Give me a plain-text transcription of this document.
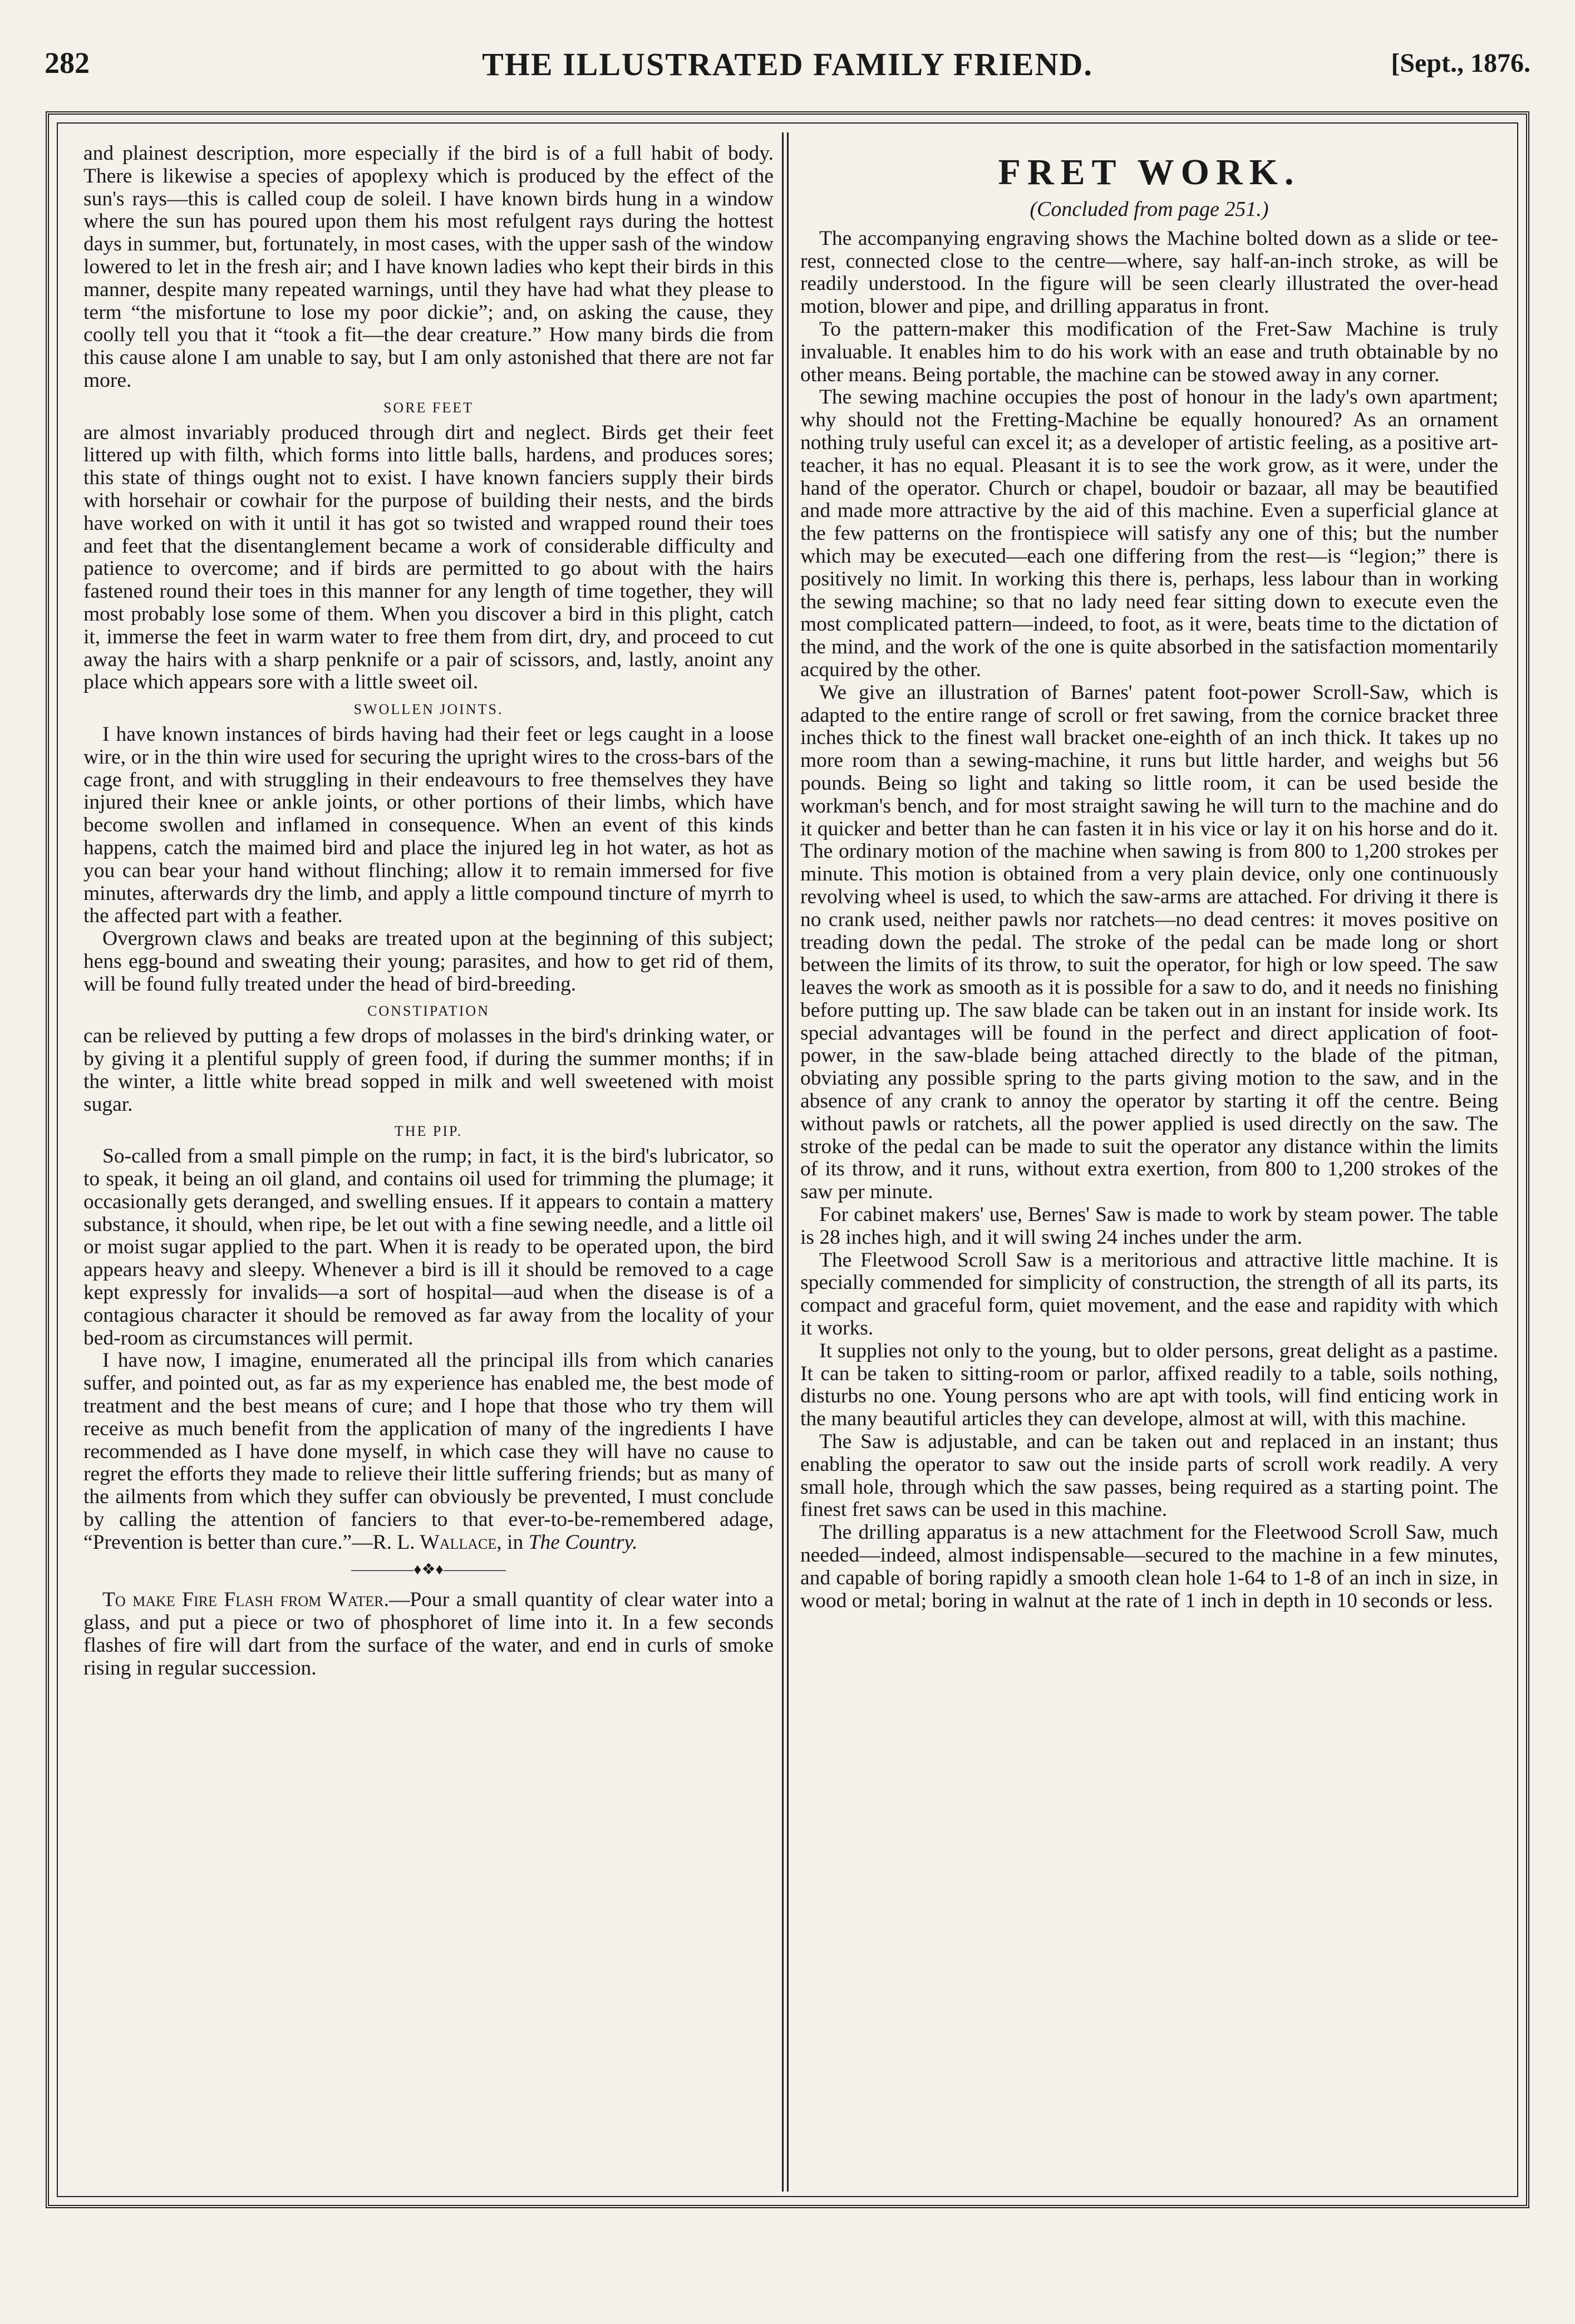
282	THE ILLUSTRATED FAMILY FRIEND.	[Sept., 1876.

and plainest description, more especially if the bird is of a full habit of body. There is likewise a species of apoplexy which is produced by the effect of the sun's rays—this is called coup de soleil. I have known birds hung in a window where the sun has poured upon them his most refulgent rays during the hottest days in summer, but, fortunately, in most cases, with the upper sash of the window lowered to let in the fresh air; and I have known ladies who kept their birds in this manner, despite many repeated warnings, until they have had what they please to term “the misfortune to lose my poor dickie”; and, on asking the cause, they coolly tell you that it “took a fit—the dear creature.” How many birds die from this cause alone I am unable to say, but I am only astonished that there are not far more.

SORE FEET

are almost invariably produced through dirt and neglect. Birds get their feet littered up with filth, which forms into little balls, hardens, and produces sores; this state of things ought not to exist. I have known fanciers supply their birds with horsehair or cowhair for the purpose of building their nests, and the birds have worked on with it until it has got so twisted and wrapped round their toes and feet that the disentanglement became a work of considerable difficulty and patience to overcome; and if birds are permitted to go about with the hairs fastened round their toes in this manner for any length of time together, they will most probably lose some of them. When you discover a bird in this plight, catch it, immerse the feet in warm water to free them from dirt, dry, and proceed to cut away the hairs with a sharp penknife or a pair of scissors, and, lastly, anoint any place which appears sore with a little sweet oil.

SWOLLEN JOINTS.

I have known instances of birds having had their feet or legs caught in a loose wire, or in the thin wire used for securing the upright wires to the cross-bars of the cage front, and with struggling in their endeavours to free themselves they have injured their knee or ankle joints, or other portions of their limbs, which have become swollen and inflamed in consequence. When an event of this kinds happens, catch the maimed bird and place the injured leg in hot water, as hot as you can bear your hand without flinching; allow it to remain immersed for five minutes, afterwards dry the limb, and apply a little compound tincture of myrrh to the affected part with a feather.

Overgrown claws and beaks are treated upon at the beginning of this subject; hens egg-bound and sweating their young; parasites, and how to get rid of them, will be found fully treated under the head of bird-breeding.

CONSTIPATION

can be relieved by putting a few drops of molasses in the bird's drinking water, or by giving it a plentiful supply of green food, if during the summer months; if in the winter, a little white bread sopped in milk and well sweetened with moist sugar.

THE PIP.

So-called from a small pimple on the rump; in fact, it is the bird's lubricator, so to speak, it being an oil gland, and contains oil used for trimming the plumage; it occasionally gets deranged, and swelling ensues. If it appears to contain a mattery substance, it should, when ripe, be let out with a fine sewing needle, and a little oil or moist sugar applied to the part. When it is ready to be operated upon, the bird appears heavy and sleepy. Whenever a bird is ill it should be removed to a cage kept expressly for invalids—a sort of hospital—aud when the disease is of a contagious character it should be removed as far away from the locality of your bed-room as circumstances will permit.

I have now, I imagine, enumerated all the principal ills from which canaries suffer, and pointed out, as far as my experience has enabled me, the best mode of treatment and the best means of cure; and I hope that those who try them will receive as much benefit from the application of many of the ingredients I have recommended as I have done myself, in which case they will have no cause to regret the efforts they made to relieve their little suffering friends; but as many of the ailments from which they suffer can obviously be prevented, I must conclude by calling the attention of fanciers to that ever-to-be-remembered adage, “Prevention is better than cure.”—R. L. Wallace, in The Country.

————♦❖♦————

To make Fire Flash from Water.—Pour a small quantity of clear water into a glass, and put a piece or two of phosphoret of lime into it. In a few seconds flashes of fire will dart from the surface of the water, and end in curls of smoke rising in regular succession.

FRET WORK.
(Concluded from page 251.)

The accompanying engraving shows the Machine bolted down as a slide or tee-rest, connected close to the centre—where, say half-an-inch stroke, as will be readily understood. In the figure will be seen clearly illustrated the over-head motion, blower and pipe, and drilling apparatus in front.

To the pattern-maker this modification of the Fret-Saw Machine is truly invaluable. It enables him to do his work with an ease and truth obtainable by no other means. Being portable, the machine can be stowed away in any corner.

The sewing machine occupies the post of honour in the lady's own apartment; why should not the Fretting-Machine be equally honoured? As an ornament nothing truly useful can excel it; as a developer of artistic feeling, as a positive art-teacher, it has no equal. Pleasant it is to see the work grow, as it were, under the hand of the operator. Church or chapel, boudoir or bazaar, all may be beautified and made more attractive by the aid of this machine. Even a superficial glance at the few patterns on the frontispiece will satisfy any one of this; but the number which may be executed—each one differing from the rest—is “legion;” there is positively no limit. In working this there is, perhaps, less labour than in working the sewing machine; so that no lady need fear sitting down to execute even the most complicated pattern—indeed, to foot, as it were, beats time to the dictation of the mind, and the work of the one is quite absorbed in the satisfaction momentarily acquired by the other.

We give an illustration of Barnes' patent foot-power Scroll-Saw, which is adapted to the entire range of scroll or fret sawing, from the cornice bracket three inches thick to the finest wall bracket one-eighth of an inch thick. It takes up no more room than a sewing-machine, it runs but little harder, and weighs but 56 pounds. Being so light and taking so little room, it can be used beside the workman's bench, and for most straight sawing he will turn to the machine and do it quicker and better than he can fasten it in his vice or lay it on his horse and do it. The ordinary motion of the machine when sawing is from 800 to 1,200 strokes per minute. This motion is obtained from a very plain device, only one continuously revolving wheel is used, to which the saw-arms are attached. For driving it there is no crank used, neither pawls nor ratchets—no dead centres: it moves positive on treading down the pedal. The stroke of the pedal can be made long or short between the limits of its throw, to suit the operator, for high or low speed. The saw leaves the work as smooth as it is possible for a saw to do, and it needs no finishing before putting up. The saw blade can be taken out in an instant for inside work. Its special advantages will be found in the perfect and direct application of foot-power, in the saw-blade being attached directly to the blade of the pitman, obviating any possible spring to the parts giving motion to the saw, and in the absence of any crank to annoy the operator by starting it off the centre. Being without pawls or ratchets, all the power applied is used directly on the saw. The stroke of the pedal can be made to suit the operator any distance within the limits of its throw, and it runs, without extra exertion, from 800 to 1,200 strokes of the saw per minute.

For cabinet makers' use, Bernes' Saw is made to work by steam power. The table is 28 inches high, and it will swing 24 inches under the arm.

The Fleetwood Scroll Saw is a meritorious and attractive little machine. It is specially commended for simplicity of construction, the strength of all its parts, its compact and graceful form, quiet movement, and the ease and rapidity with which it works.

It supplies not only to the young, but to older persons, great delight as a pastime. It can be taken to sitting-room or parlor, affixed readily to a table, soils nothing, disturbs no one. Young persons who are apt with tools, will find enticing work in the many beautiful articles they can develope, almost at will, with this machine.

The Saw is adjustable, and can be taken out and replaced in an instant; thus enabling the operator to saw out the inside parts of scroll work readily. A very small hole, through which the saw passes, being required as a starting point. The finest fret saws can be used in this machine.

The drilling apparatus is a new attachment for the Fleetwood Scroll Saw, much needed—indeed, almost indispensable—secured to the machine in a few minutes, and capable of boring rapidly a smooth clean hole 1-64 to 1-8 of an inch in size, in wood or metal; boring in walnut at the rate of 1 inch in depth in 10 seconds or less.
